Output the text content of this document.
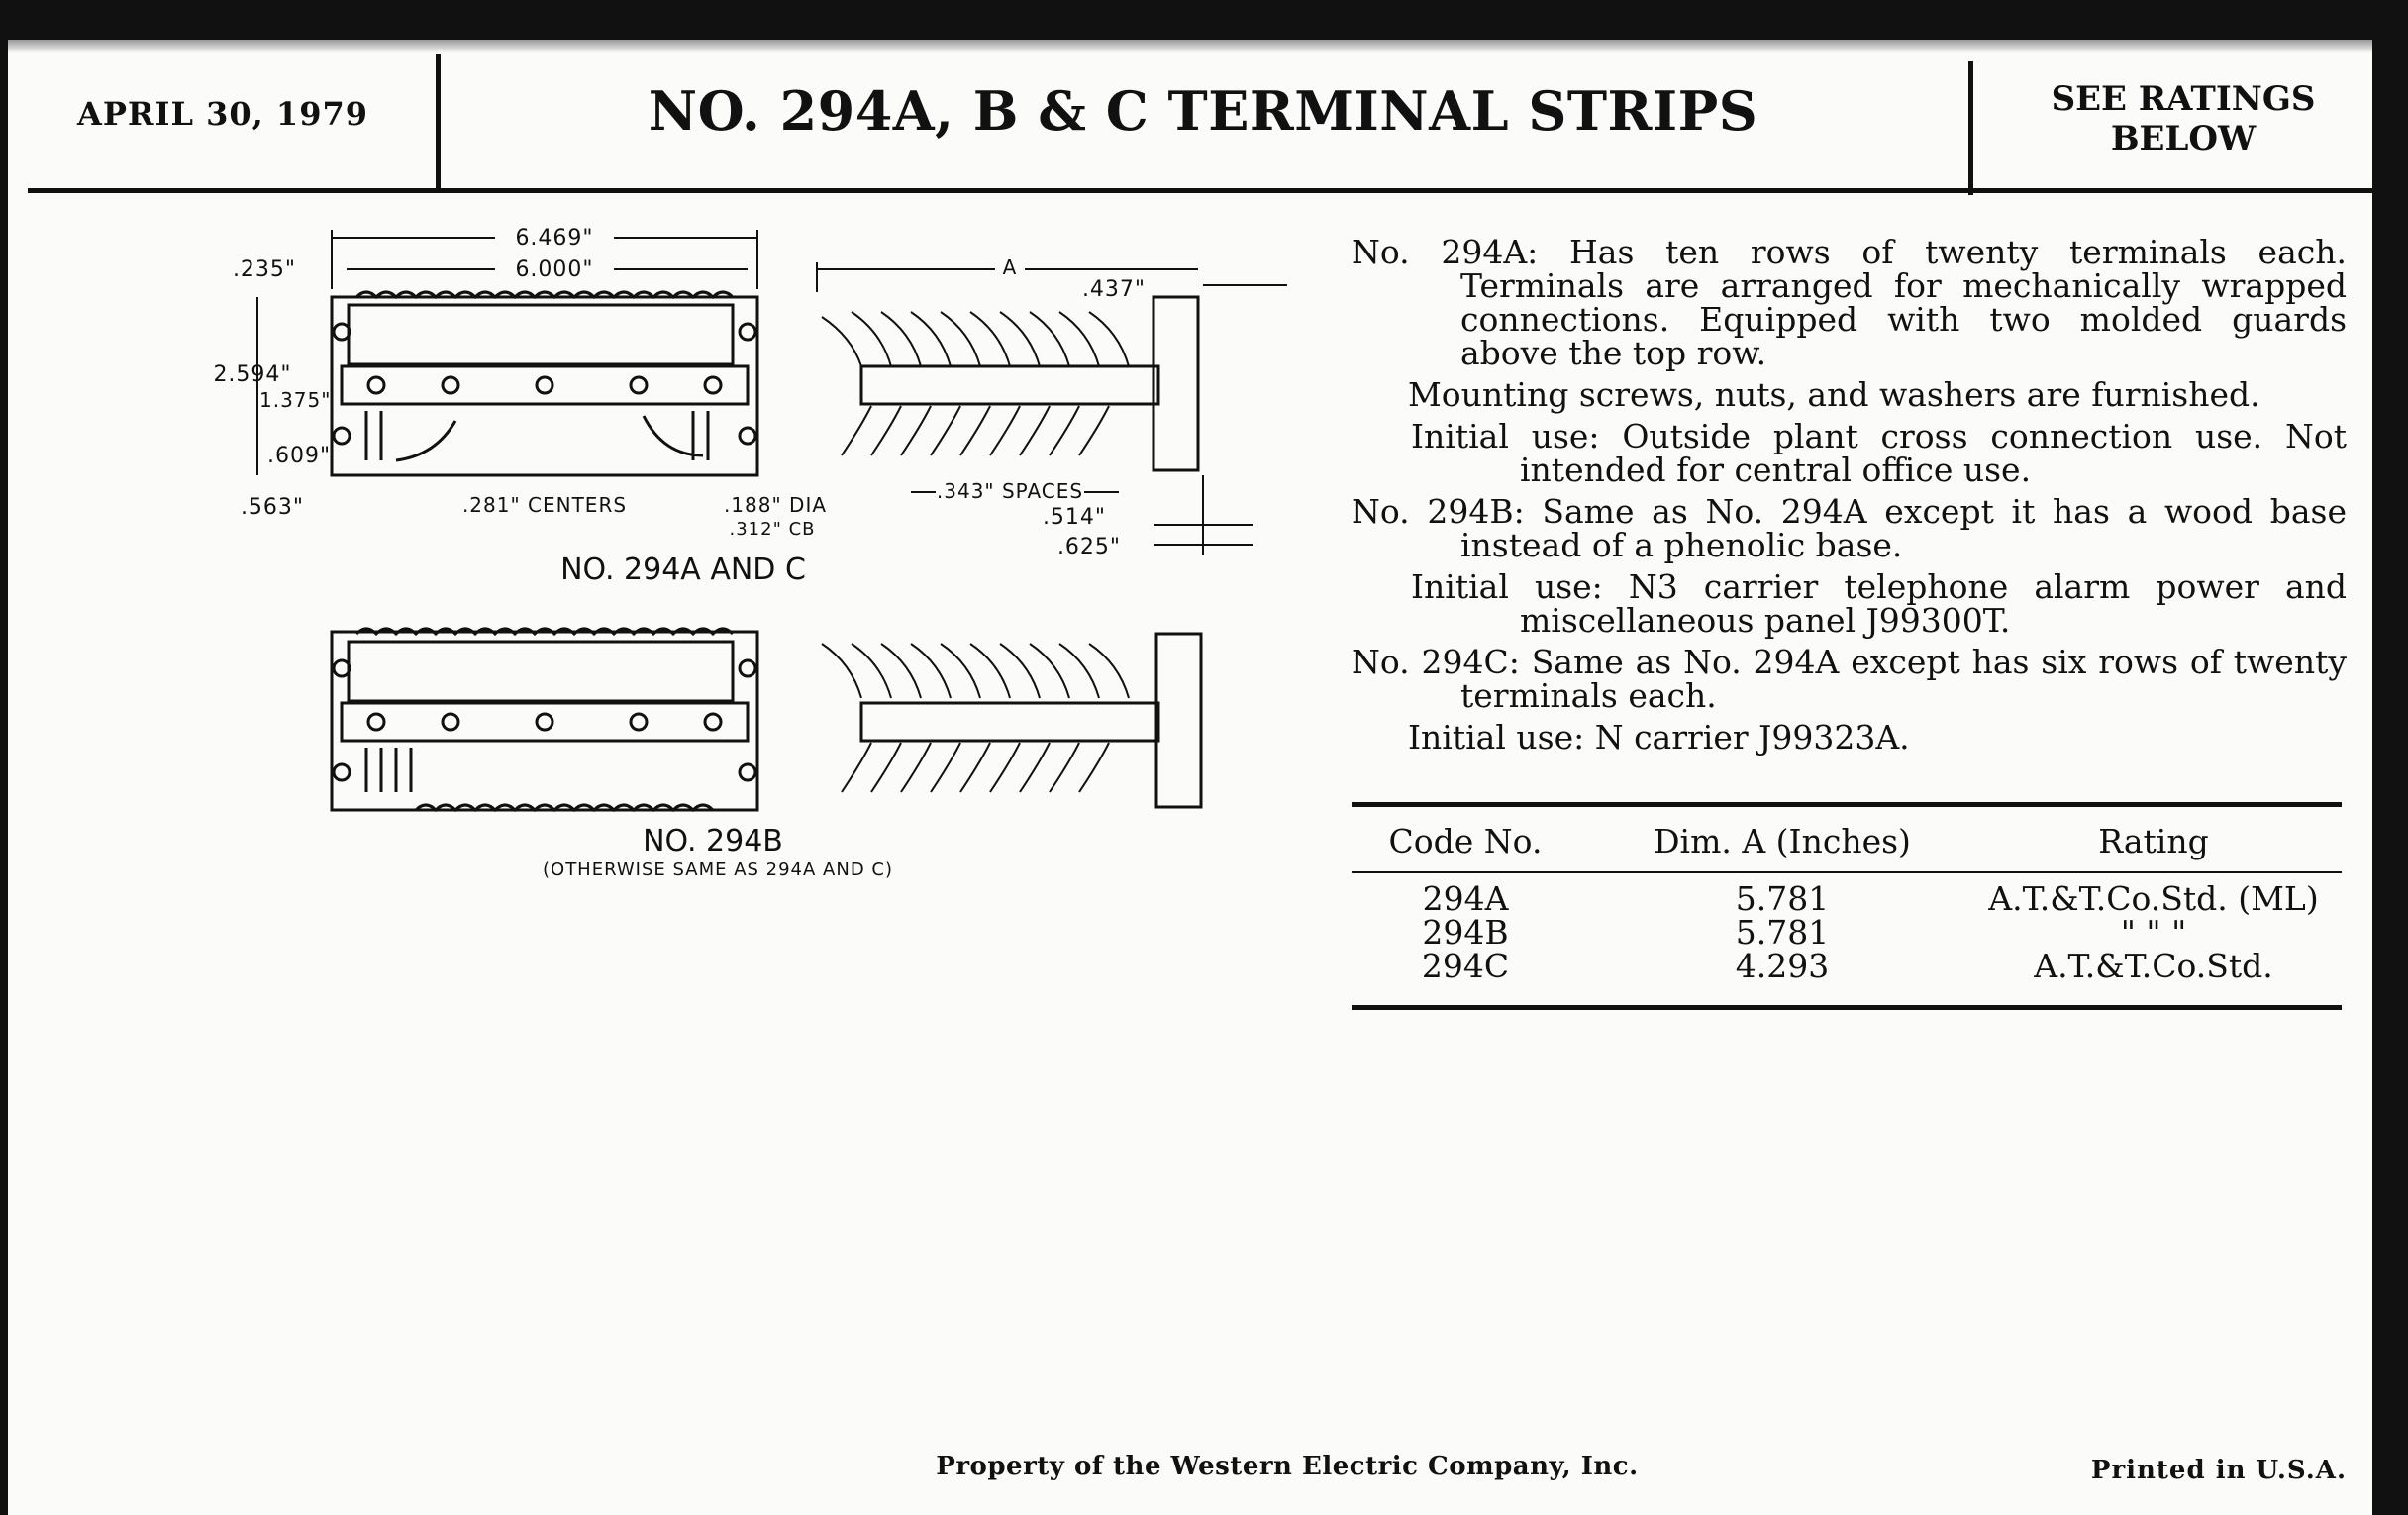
APRIL 30, 1979	NO. 294A, B & C TERMINAL STRIPS	SEE RATINGS
BELOW
6.469"
6.000"
.235"
2.594"
1.375"
.609"
.563"	.281" CENTERS	.188" DIA
.312" CB
A
.437"
.343" SPACES
.514"
.625"
NO. 294A AND C
NO. 294B
(OTHERWISE SAME AS 294A AND C)

No. 294A: Has ten rows of twenty terminals each. Terminals are arranged for mechanically wrapped connections. Equipped with two molded guards above the top row.

Mounting screws, nuts, and washers are furnished.

Initial use: Outside plant cross connection use. Not intended for central office use.

No. 294B: Same as No. 294A except it has a wood base instead of a phenolic base.

Initial use: N3 carrier telephone alarm power and miscellaneous panel J99300T.

No. 294C: Same as No. 294A except has six rows of twenty terminals each.

Initial use: N carrier J99323A.

Code No.	Dim. A (Inches)	Rating
294A	5.781	A.T.&T.Co.Std. (ML)
294B	5.781	" " "
294C	4.293	A.T.&T.Co.Std.
Property of the Western Electric Company, Inc.	Printed in U.S.A.
